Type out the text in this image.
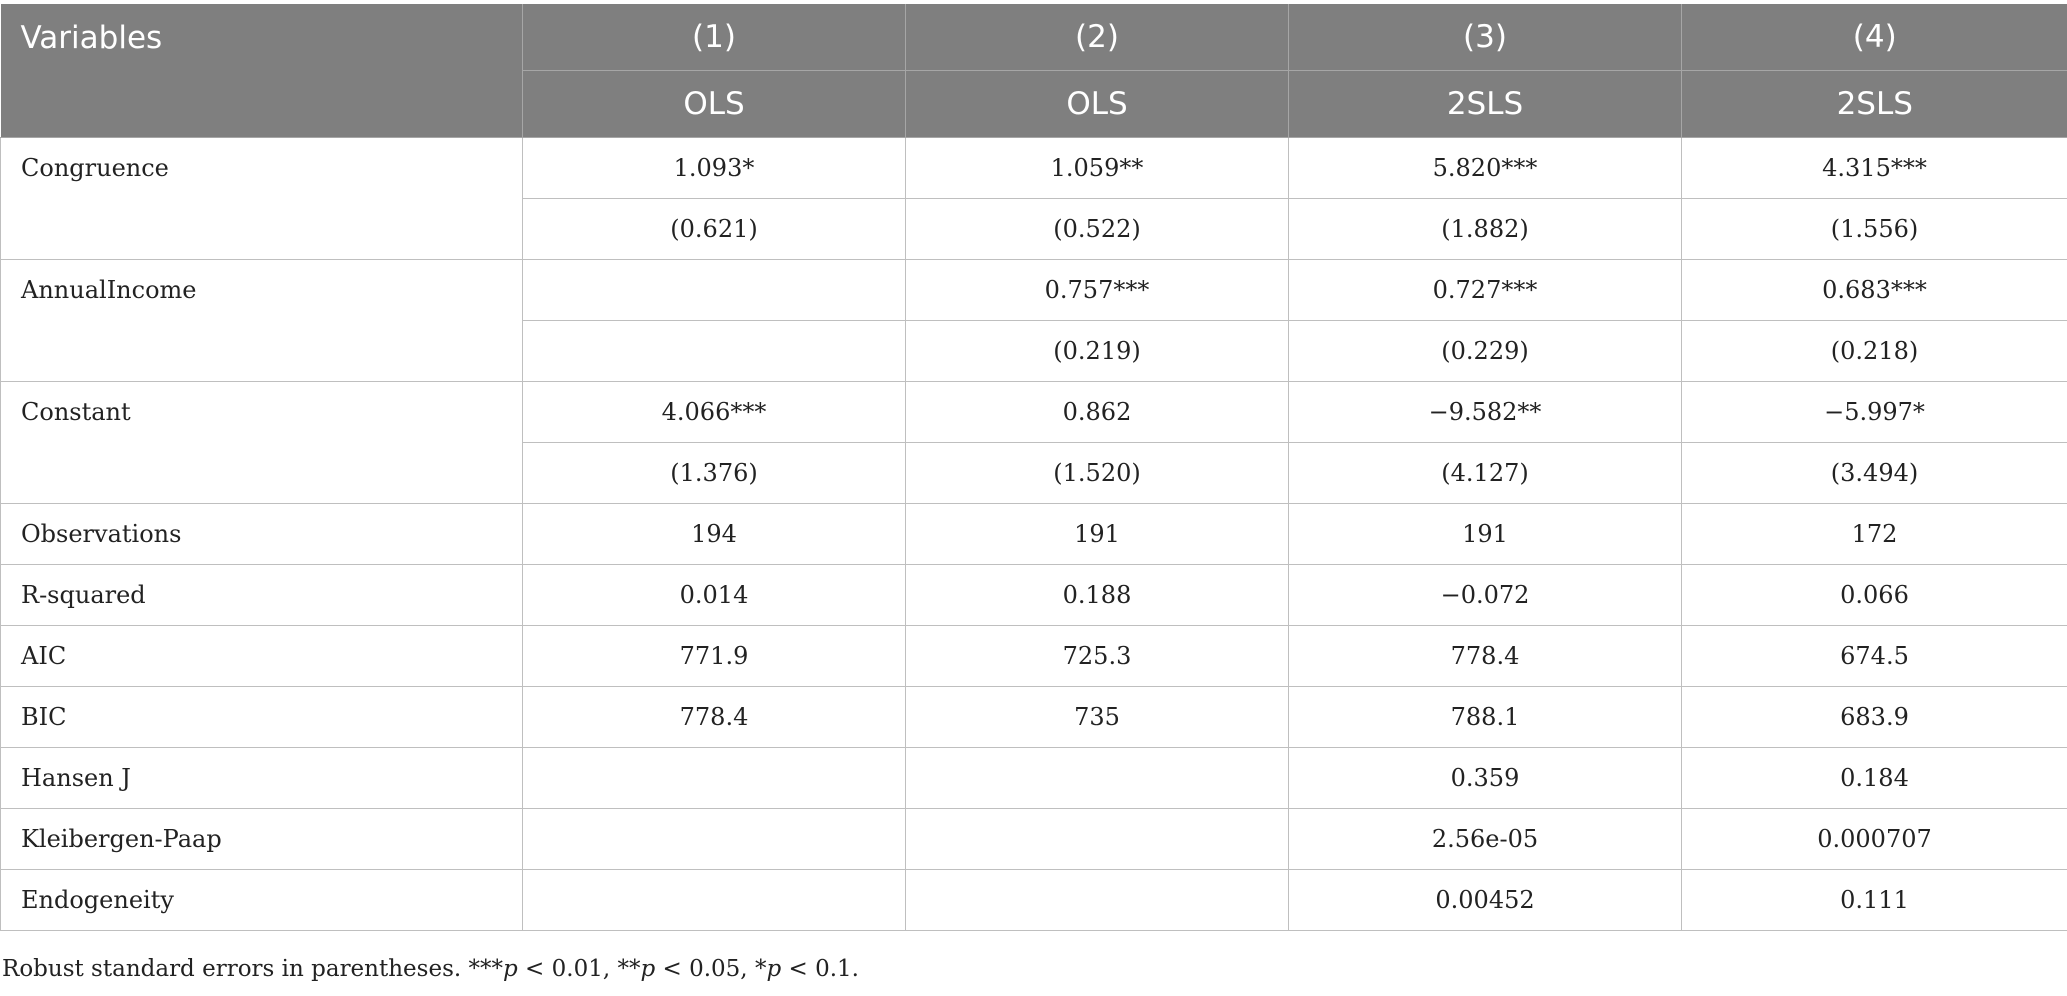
Variables	(1)	(2)	(3)	(4)
	OLS	OLS	2SLS	2SLS
Congruence	1.093*	1.059**	5.820***	4.315***
	(0.621)	(0.522)	(1.882)	(1.556)
AnnualIncome		0.757***	0.727***	0.683***
		(0.219)	(0.229)	(0.218)
Constant	4.066***	0.862	−9.582**	−5.997*
	(1.376)	(1.520)	(4.127)	(3.494)
Observations	194	191	191	172
R-squared	0.014	0.188	−0.072	0.066
AIC	771.9	725.3	778.4	674.5
BIC	778.4	735	788.1	683.9
Hansen J			0.359	0.184
Kleibergen-Paap			2.56e-05	0.000707
Endogeneity			0.00452	0.111
Robust standard errors in parentheses. ***p < 0.01, **p < 0.05, *p < 0.1.
